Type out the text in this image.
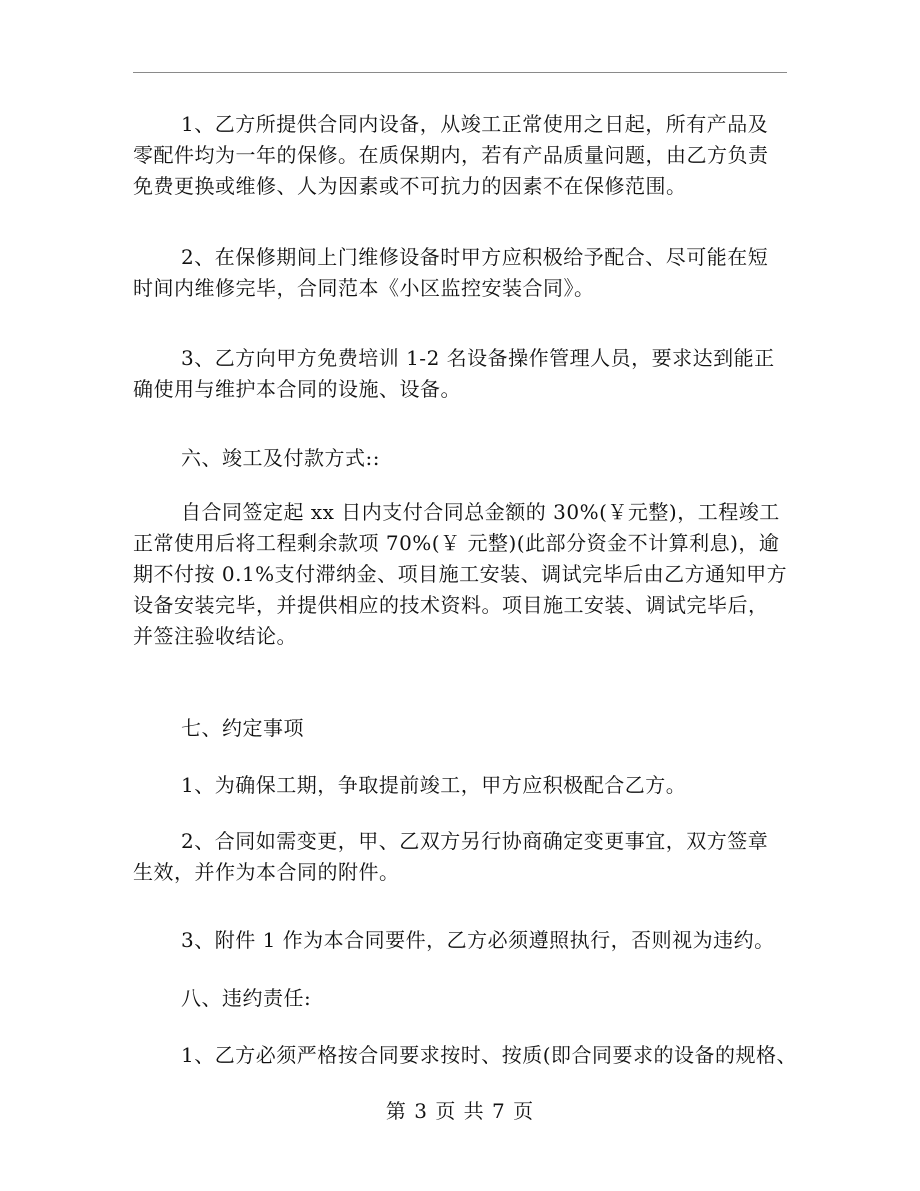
1、乙方所提供合同内设备，从竣工正常使用之日起，所有产品及
零配件均为一年的保修。在质保期内，若有产品质量问题，由乙方负责
免费更换或维修、人为因素或不可抗力的因素不在保修范围。

2、在保修期间上门维修设备时甲方应积极给予配合、尽可能在短
时间内维修完毕，合同范本《小区监控安装合同》。

3、乙方向甲方免费培训 1-2 名设备操作管理人员，要求达到能正
确使用与维护本合同的设施、设备。

六、竣工及付款方式::

自合同签定起 xx 日内支付合同总金额的 30%(￥元整)，工程竣工
正常使用后将工程剩余款项 70%(￥ 元整)(此部分资金不计算利息)，逾
期不付按 0.1%支付滞纳金、项目施工安装、调试完毕后由乙方通知甲方
设备安装完毕，并提供相应的技术资料。项目施工安装、调试完毕后，
并签注验收结论。

七、约定事项

1、为确保工期，争取提前竣工，甲方应积极配合乙方。

2、合同如需变更，甲、乙双方另行协商确定变更事宜，双方签章
生效，并作为本合同的附件。

3、附件 1 作为本合同要件，乙方必须遵照执行，否则视为违约。

八、违约责任:

1、乙方必须严格按合同要求按时、按质(即合同要求的设备的规格、

第 3 页 共 7 页
